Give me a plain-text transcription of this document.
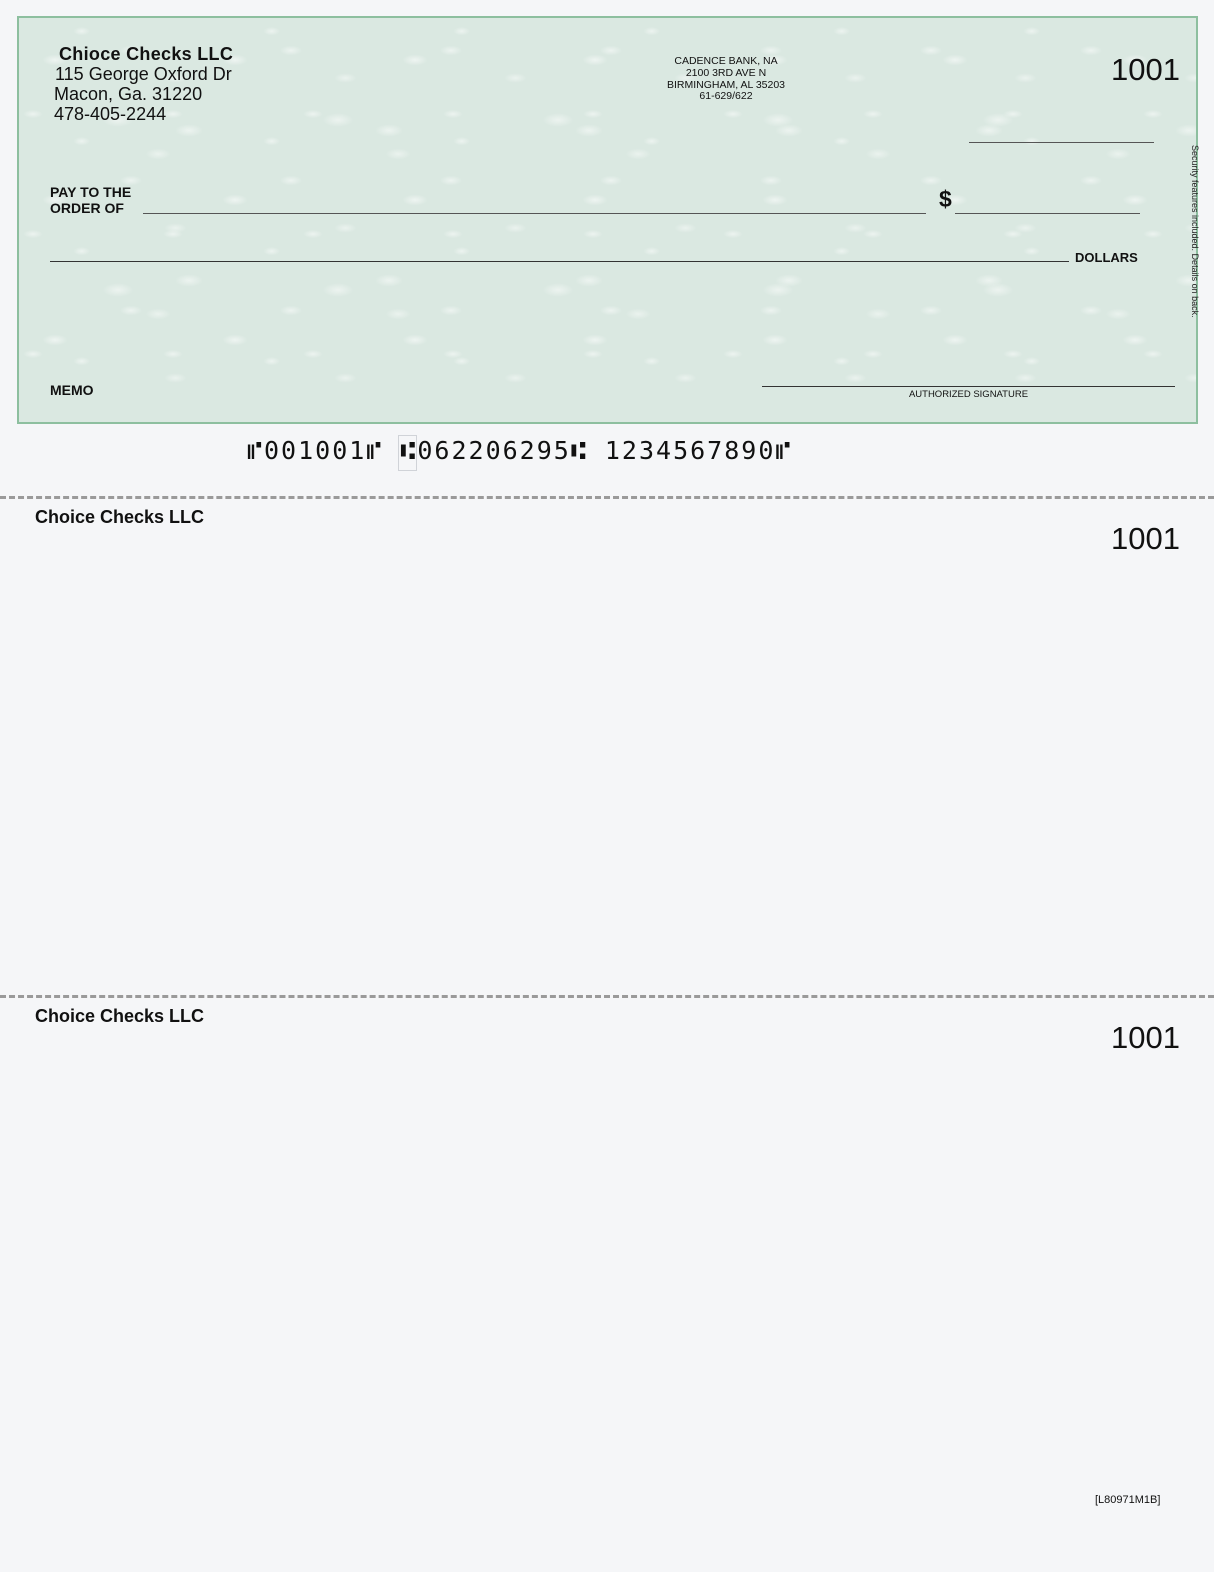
Chioce Checks LLC
115 George Oxford Dr
Macon, Ga. 31220
478-405-2244
CADENCE BANK, NA
2100 3RD AVE N
BIRMINGHAM, AL 35203
61-629/622
1001
PAY TO THE
ORDER OF	$
DOLLARS
MEMO	AUTHORIZED SIGNATURE
Security features included. Details on back.
⑈001001⑈ ⑆062206295⑆ 1234567890⑈
Choice Checks LLC
1001
Choice Checks LLC
1001
[L80971M1B]
